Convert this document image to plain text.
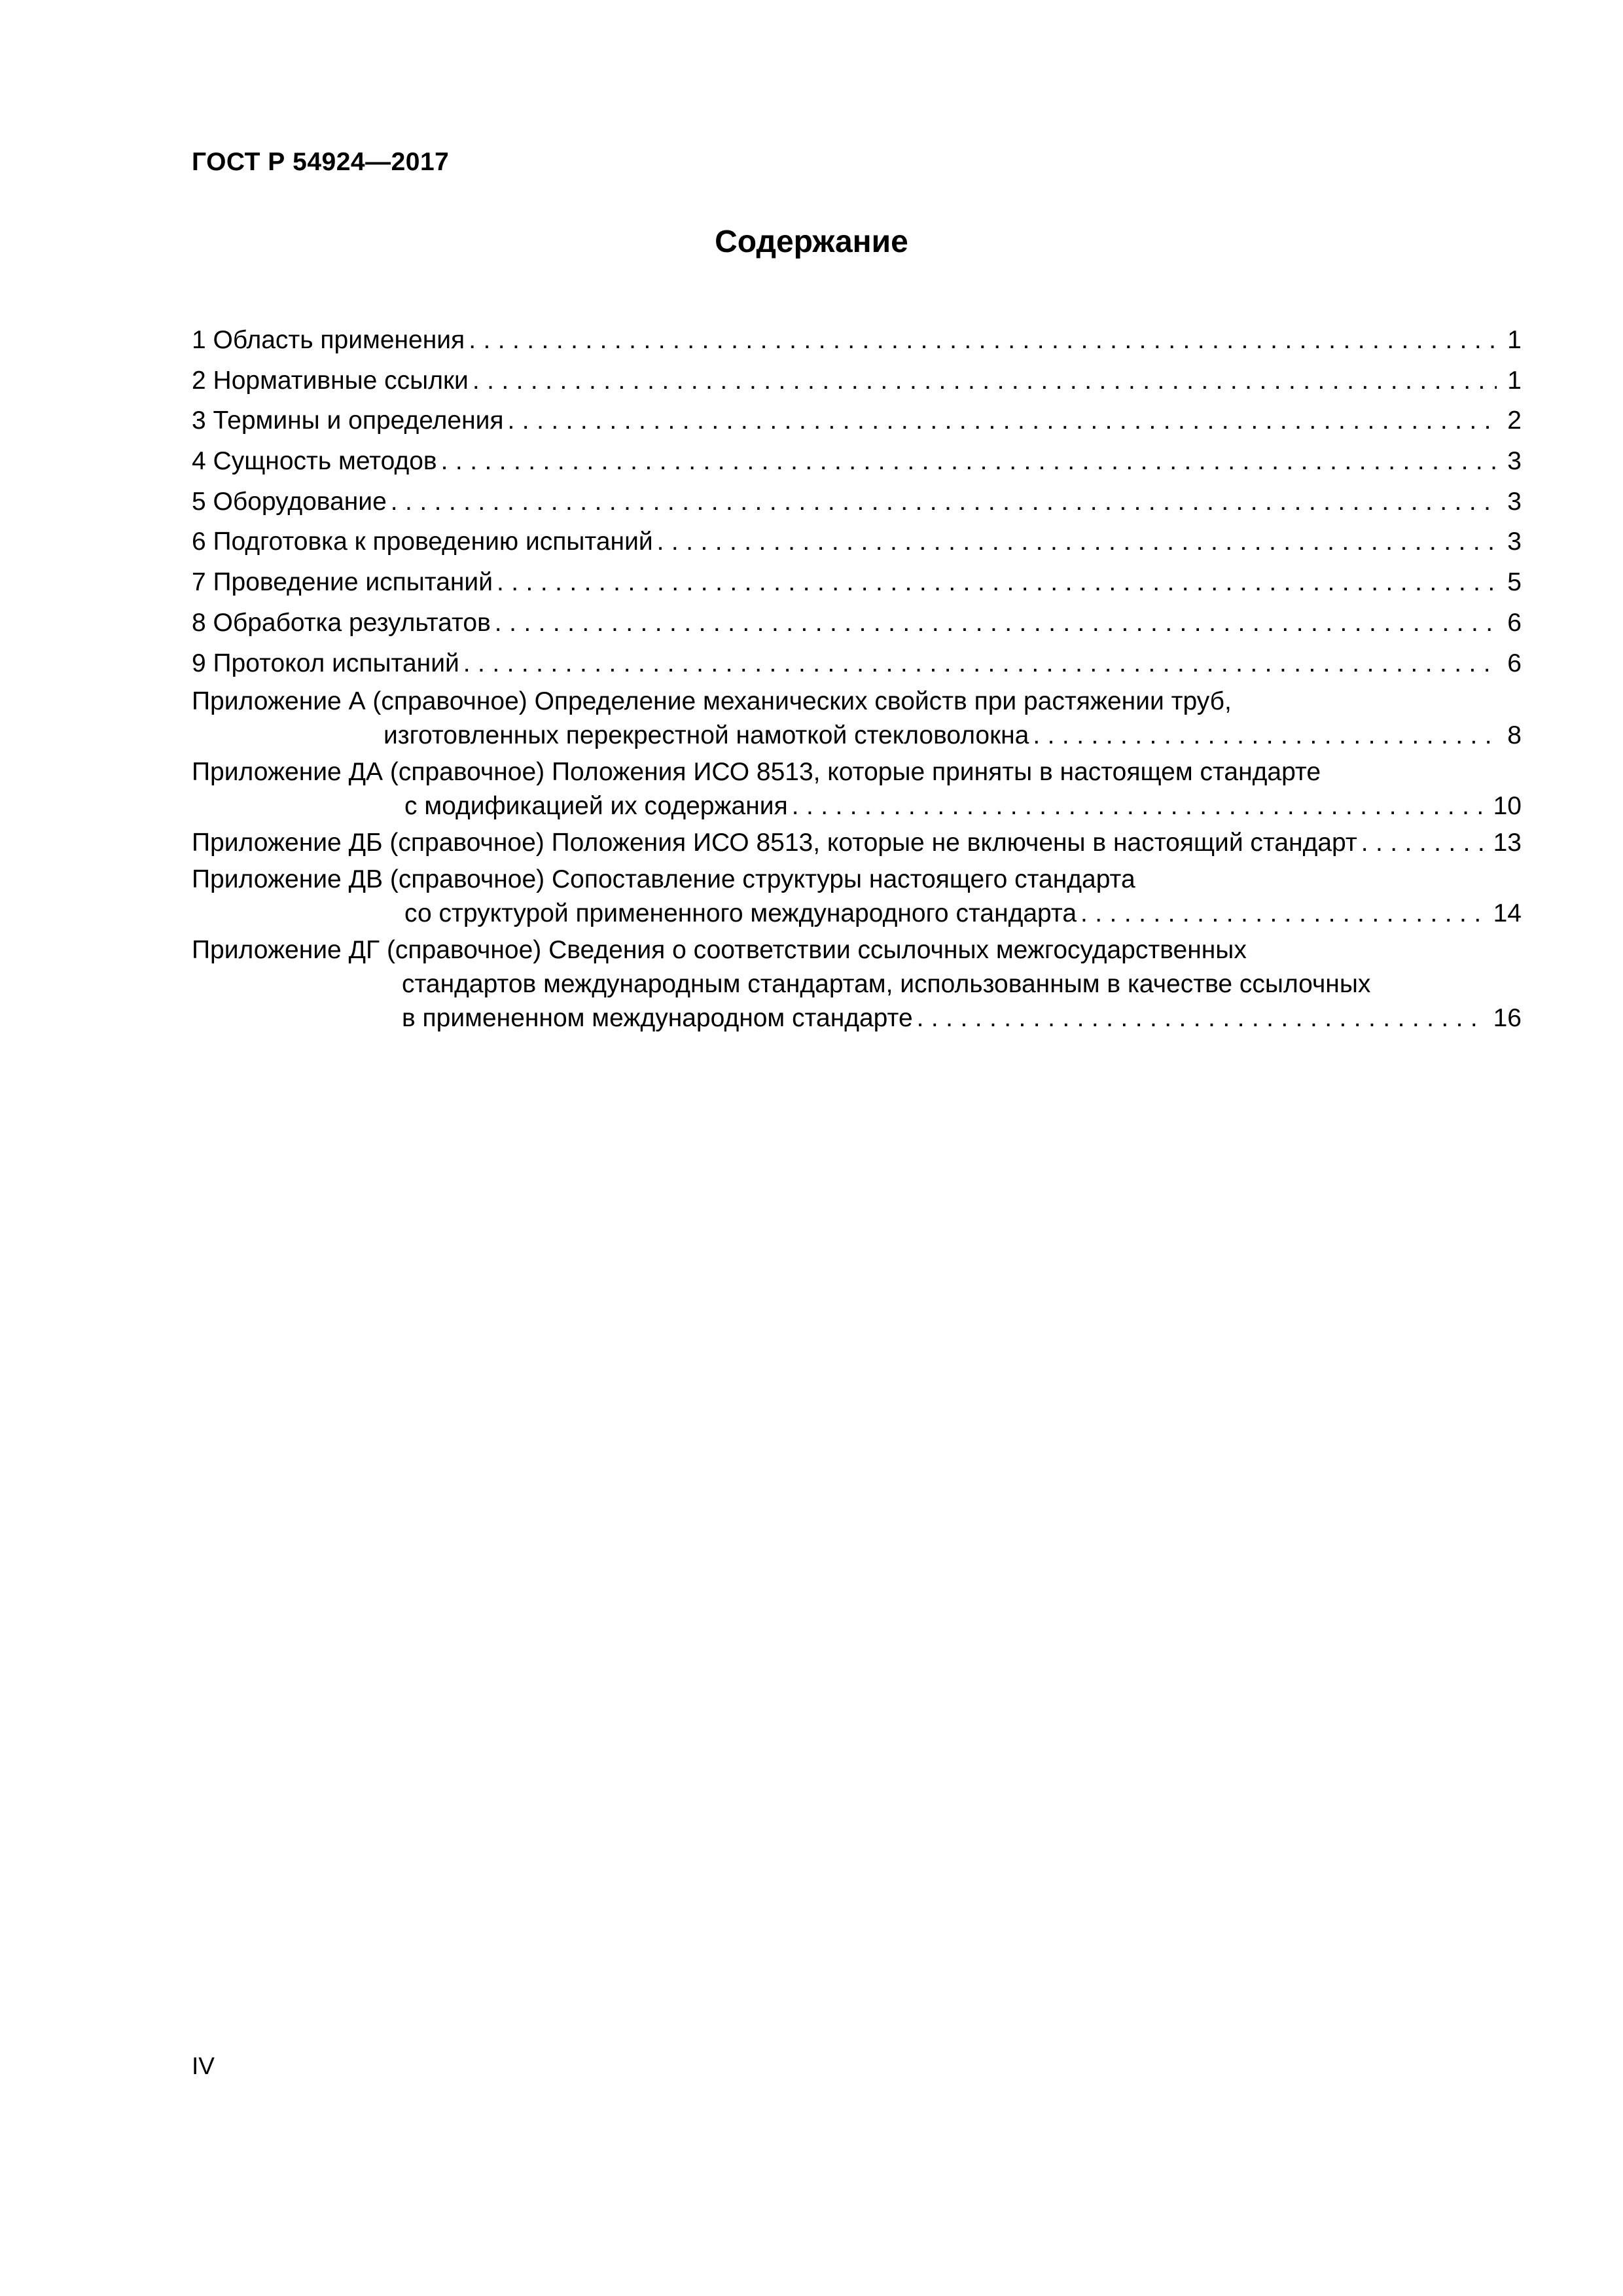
ГОСТ Р 54924—2017
Содержание
1 Область применения . . .	1
2 Нормативные ссылки . . .	1
3 Термины и определения . . .	2
4 Сущность методов . . .	3
5 Оборудование . . .	3
6 Подготовка к проведению испытаний . . .	3
7 Проведение испытаний . . .	5
8 Обработка результатов . . .	6
9 Протокол испытаний . . .	6
Приложение А (справочное) Определение механических свойств при растяжении труб,
изготовленных перекрестной намоткой стекловолокна . . .	8
Приложение ДА (справочное) Положения ИСО 8513, которые приняты в настоящем стандарте
с модификацией их содержания . . .	10
Приложение ДБ (справочное) Положения ИСО 8513, которые не включены в настоящий стандарт . . .	13
Приложение ДВ (справочное) Сопоставление структуры настоящего стандарта
со структурой примененного международного стандарта . . .	14
Приложение ДГ (справочное) Сведения о соответствии ссылочных межгосударственных
стандартов международным стандартам, использованным в качестве ссылочных
в примененном международном стандарте . . .	16
IV
